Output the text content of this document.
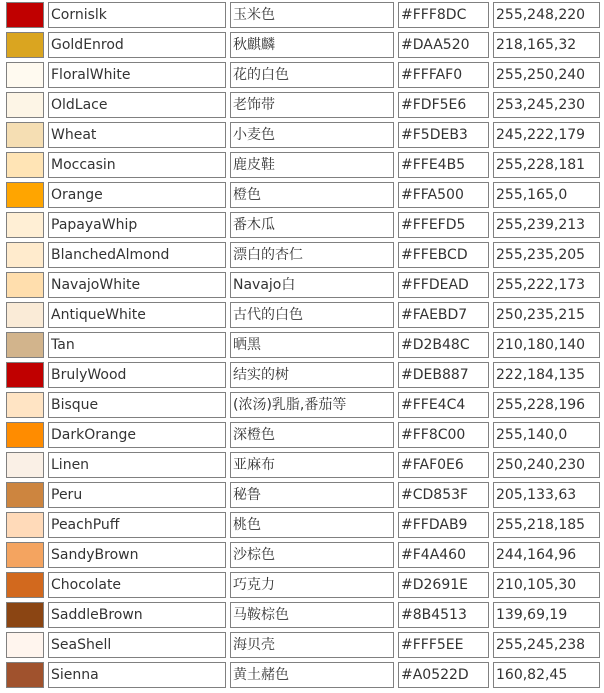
	Cornislk	玉米色	#FFF8DC	255,248,220

	GoldEnrod	秋麒麟	#DAA520	218,165,32

	FloralWhite	花的白色	#FFFAF0	255,250,240

	OldLace	老饰带	#FDF5E6	253,245,230

	Wheat	小麦色	#F5DEB3	245,222,179

	Moccasin	鹿皮鞋	#FFE4B5	255,228,181

	Orange	橙色	#FFA500	255,165,0

	PapayaWhip	番木瓜	#FFEFD5	255,239,213

	BlanchedAlmond	漂白的杏仁	#FFEBCD	255,235,205

	NavajoWhite	Navajo白	#FFDEAD	255,222,173

	AntiqueWhite	古代的白色	#FAEBD7	250,235,215

	Tan	晒黑	#D2B48C	210,180,140

	BrulyWood	结实的树	#DEB887	222,184,135

	Bisque	(浓汤)乳脂,番茄等	#FFE4C4	255,228,196

	DarkOrange	深橙色	#FF8C00	255,140,0

	Linen	亚麻布	#FAF0E6	250,240,230

	Peru	秘鲁	#CD853F	205,133,63

	PeachPuff	桃色	#FFDAB9	255,218,185

	SandyBrown	沙棕色	#F4A460	244,164,96

	Chocolate	巧克力	#D2691E	210,105,30

	SaddleBrown	马鞍棕色	#8B4513	139,69,19

	SeaShell	海贝壳	#FFF5EE	255,245,238

	Sienna	黄土赭色	#A0522D	160,82,45
